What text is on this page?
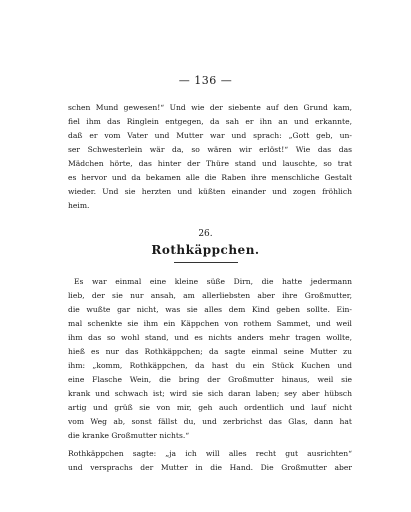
— 136 —
schen Mund gewesen!“ Und wie der siebente auf den Grund kam,
fiel ihm das Ringlein entgegen, da sah er ihn an und erkannte,
daß er vom Vater und Mutter war und sprach: „Gott geb, un-
ser Schwesterlein wär da, so wären wir erlöst!“ Wie das das
Mädchen hörte, das hinter der Thüre stand und lauschte, so trat
es hervor und da bekamen alle die Raben ihre menschliche Gestalt
wieder. Und sie herzten und küßten einander und zogen fröhlich
heim.
26.
Rothkäppchen.
Es war einmal eine kleine süße Dirn, die hatte jedermann
lieb, der sie nur ansah, am allerliebsten aber ihre Großmutter,
die wußte gar nicht, was sie alles dem Kind geben sollte. Ein-
mal schenkte sie ihm ein Käppchen von rothem Sammet, und weil
ihm das so wohl stand, und es nichts anders mehr tragen wollte,
hieß es nur das Rothkäppchen; da sagte einmal seine Mutter zu
ihm: „komm, Rothkäppchen, da hast du ein Stück Kuchen und
eine Flasche Wein, die bring der Großmutter hinaus, weil sie
krank und schwach ist; wird sie sich daran laben; sey aber hübsch
artig und grüß sie von mir, geh auch ordentlich und lauf nicht
vom Weg ab, sonst fällst du, und zerbrichst das Glas, dann hat
die kranke Großmutter nichts.“
Rothkäppchen sagte: „ja ich will alles recht gut ausrichten“
und versprachs der Mutter in die Hand. Die Großmutter aber
